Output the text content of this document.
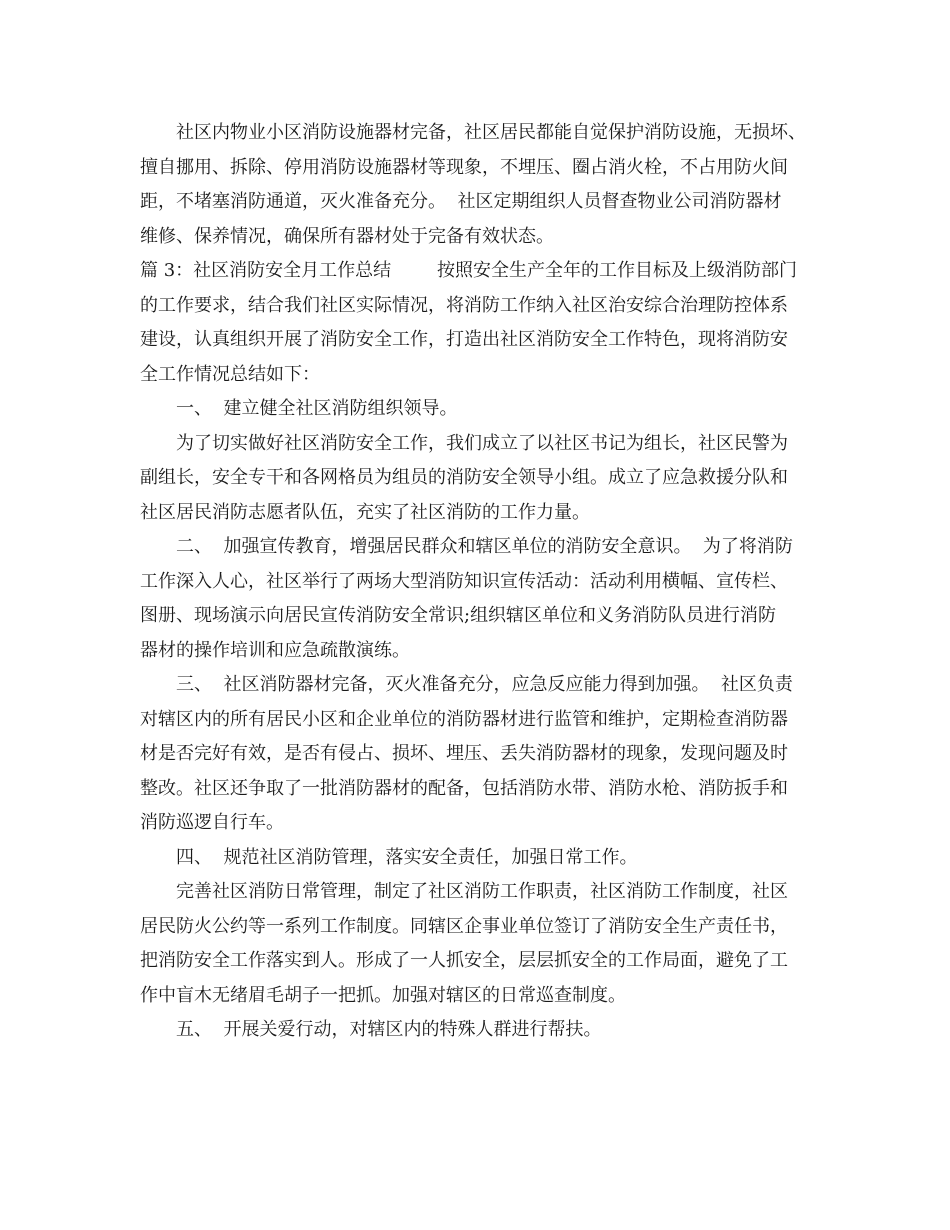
社区内物业小区消防设施器材完备，社区居民都能自觉保护消防设施，无损坏、
擅自挪用、拆除、停用消防设施器材等现象，不埋压、圈占消火栓，不占用防火间
距，不堵塞消防通道，灭火准备充分。  社区定期组织人员督查物业公司消防器材
维修、保养情况，确保所有器材处于完备有效状态。
篇 3：社区消防安全月工作总结        按照安全生产全年的工作目标及上级消防部门
的工作要求，结合我们社区实际情况，将消防工作纳入社区治安综合治理防控体系
建设，认真组织开展了消防安全工作，打造出社区消防安全工作特色，现将消防安
全工作情况总结如下：
一、  建立健全社区消防组织领导。
为了切实做好社区消防安全工作，我们成立了以社区书记为组长，社区民警为
副组长，安全专干和各网格员为组员的消防安全领导小组。成立了应急救援分队和
社区居民消防志愿者队伍，充实了社区消防的工作力量。
二、  加强宣传教育，增强居民群众和辖区单位的消防安全意识。  为了将消防
工作深入人心，社区举行了两场大型消防知识宣传活动：活动利用横幅、宣传栏、
图册、现场演示向居民宣传消防安全常识;组织辖区单位和义务消防队员进行消防
器材的操作培训和应急疏散演练。
三、  社区消防器材完备，灭火准备充分，应急反应能力得到加强。  社区负责
对辖区内的所有居民小区和企业单位的消防器材进行监管和维护，定期检查消防器
材是否完好有效，是否有侵占、损坏、埋压、丢失消防器材的现象，发现问题及时
整改。社区还争取了一批消防器材的配备，包括消防水带、消防水枪、消防扳手和
消防巡逻自行车。
四、  规范社区消防管理，落实安全责任，加强日常工作。
完善社区消防日常管理，制定了社区消防工作职责，社区消防工作制度，社区
居民防火公约等一系列工作制度。同辖区企事业单位签订了消防安全生产责任书，
把消防安全工作落实到人。形成了一人抓安全，层层抓安全的工作局面，避免了工
作中盲木无绪眉毛胡子一把抓。加强对辖区的日常巡查制度。
五、  开展关爱行动，对辖区内的特殊人群进行帮扶。
